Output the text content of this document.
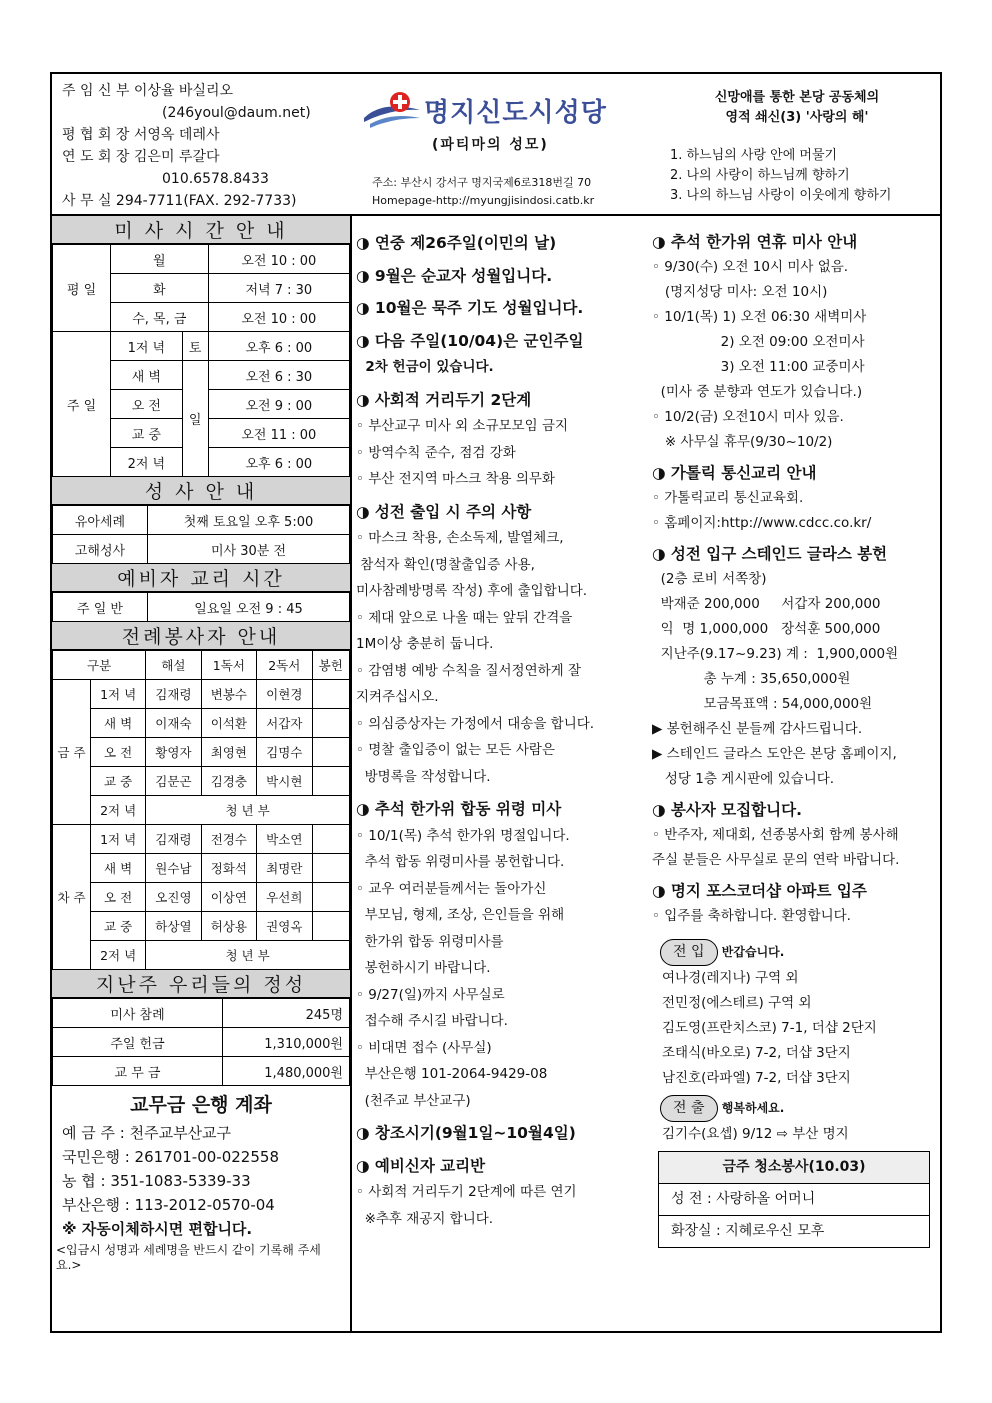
주 임 신 부 이상율 바실리오
(246youl@daum.net)
평 협 회 장 서영옥 데레사
연 도 회 장 김은미 루갈다
010.6578.8433
사 무 실 294-7711(FAX. 292-7733)
명지신도시성당
(파티마의 성모)
주소: 부산시 강서구 명지국제6로318번길 70
Homepage-http://myungjisindosi.catb.kr
신망애를 통한 본당 공동체의
영적 쇄신(3) '사랑의 해'
1. 하느님의 사랑 안에 머물기
2. 나의 사랑이 하느님께 향하기
3. 나의 하느님 사랑이 이웃에게 향하기
미 사 시 간 안 내
평 일	월		오전 10 : 00
	화		저녁 7 : 30
	수, 목, 금		오전 10 : 00
주 일	1저 녁	토	오후 6 : 00
	새 벽	일	오전 6 : 30
	오 전		오전 9 : 00
	교 중		오전 11 : 00
	2저 녁		오후 6 : 00
성 사 안 내
유아세례	첫째 토요일 오후 5:00
고해성사	미사 30분 전
예비자 교리 시간
주 일 반	일요일 오전 9 : 45
전례봉사자 안내
구분		해설	1독서	2독서	봉헌
금 주	1저 녁	김재령	변봉수	이현경	
	새 벽	이재숙	이석환	서갑자	
	오 전	황영자	최영현	김명수	
	교 중	김문곤	김경충	박시현	
	2저 녁	청 년 부			
차 주	1저 녁	김재령	전경수	박소연	
	새 벽	원수남	정화석	최명란	
	오 전	오진영	이상연	우선희	
	교 중	하상열	허상용	권영옥	
	2저 녁	청 년 부			
지난주 우리들의 정성
미사 참례	245명
주일 헌금	1,310,000원
교 무 금	1,480,000원
교무금 은행 계좌
예 금 주 : 천주교부산교구
국민은행 : 261701-00-022558
농 협 : 351-1083-5339-33
부산은행 : 113-2012-0570-04
※ 자동이체하시면 편합니다.
<입금시 성명과 세례명을 반드시 같이 기록해 주세요.>
◑ 연중 제26주일(이민의 날)
◑ 9월은 순교자 성월입니다.
◑ 10월은 묵주 기도 성월입니다.
◑ 다음 주일(10/04)은 군인주일
2차 헌금이 있습니다.
◑ 사회적 거리두기 2단계
◦ 부산교구 미사 외 소규모모임 금지
◦ 방역수칙 준수, 점검 강화
◦ 부산 전지역 마스크 착용 의무화
◑ 성전 출입 시 주의 사항
◦ 마스크 착용, 손소독제, 발열체크,
참석자 확인(명찰출입증 사용,
미사참례방명록 작성) 후에 출입합니다.
◦ 제대 앞으로 나올 때는 앞뒤 간격을
1M이상 충분히 둡니다.
◦ 감염병 예방 수칙을 질서정연하게 잘
지켜주십시오.
◦ 의심증상자는 가정에서 대송을 합니다.
◦ 명찰 출입증이 없는 모든 사람은
방명록을 작성합니다.
◑ 추석 한가위 합동 위령 미사
◦ 10/1(목) 추석 한가위 명절입니다.
추석 합동 위령미사를 봉헌합니다.
◦ 교우 여러분들께서는 돌아가신
부모님, 형제, 조상, 은인들을 위해
한가위 합동 위령미사를
봉헌하시기 바랍니다.
◦ 9/27(일)까지 사무실로
접수해 주시길 바랍니다.
◦ 비대면 접수 (사무실)
부산은행 101-2064-9429-08
(천주교 부산교구)
◑ 창조시기(9월1일~10월4일)
◑ 예비신자 교리반
◦ 사회적 거리두기 2단계에 따른 연기
※추후 재공지 합니다.
◑ 추석 한가위 연휴 미사 안내
◦ 9/30(수) 오전 10시 미사 없음.
(명지성당 미사: 오전 10시)
◦ 10/1(목) 1) 오전 06:30 새벽미사
2) 오전 09:00 오전미사
3) 오전 11:00 교중미사
(미사 중 분향과 연도가 있습니다.)
◦ 10/2(금) 오전10시 미사 있음.
※ 사무실 휴무(9/30~10/2)
◑ 가톨릭 통신교리 안내
◦ 가톨릭교리 통신교육회.
◦ 홈페이지:http://www.cdcc.co.kr/
◑ 성전 입구 스테인드 글라스 봉헌
(2층 로비 서쪽창)
박재준 200,000     서갑자 200,000
익  명 1,000,000   장석훈 500,000
지난주(9.17~9.23) 계 :  1,900,000원
총 누계 : 35,650,000원
모금목표액 : 54,000,000원
▶ 봉헌해주신 분들께 감사드립니다.
▶ 스테인드 글라스 도안은 본당 홈페이지,
성당 1층 게시판에 있습니다.
◑ 봉사자 모집합니다.
◦ 반주자, 제대회, 선종봉사회 함께 봉사해
주실 분들은 사무실로 문의 연락 바랍니다.
◑ 명지 포스코더샵 아파트 입주
◦ 입주를 축하합니다. 환영합니다.
전 입 반갑습니다.
여나경(레지나) 구역 외
전민정(에스테르) 구역 외
김도영(프란치스코) 7-1, 더샵 2단지
조태식(바오로) 7-2, 더샵 3단지
남진호(라파엘) 7-2, 더샵 3단지
전 출 행복하세요.
김기수(요셉) 9/12 ⇨ 부산 명지
금주 청소봉사(10.03)
성 전 : 사랑하올 어머니
화장실 : 지혜로우신 모후
